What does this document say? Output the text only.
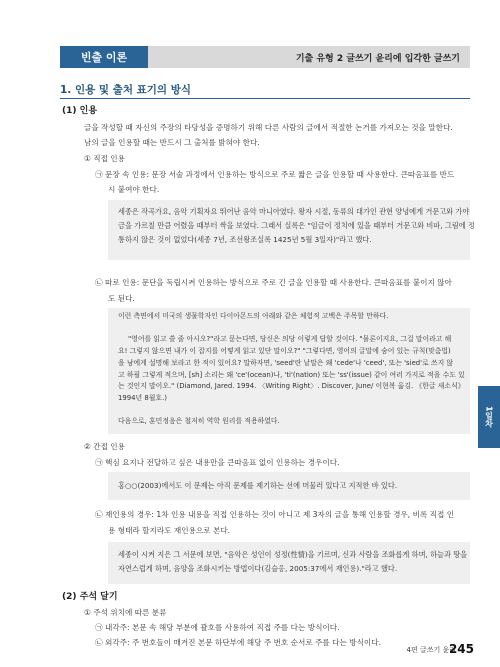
빈출 이론	기출 유형 2 글쓰기 윤리에 입각한 글쓰기
1. 인용 및 출처 표기의 방식
(1) 인용
글을 작성할 때 자신의 주장의 타당성을 증명하기 위해 다른 사람의 글에서 적절한 논거를 가져오는 것을 말한다.
남의 글을 인용할 때는 반드시 그 출처를 밝혀야 한다.
① 직접 인용
㉠ 문장 속 인용: 문장 서술 과정에서 인용하는 방식으로 주로 짧은 글을 인용할 때 사용한다. 큰따옴표를 반드
시 붙여야 한다.
세종은 작곡가요, 음악 기획자요 뛰어난 음악 마니아였다. 왕자 시절, 동류의 대가인 관현 양녕에게 거문고와 가야
금을 가르칠 만큼 어렸을 때부터 싹을 보였다. 그래서 실록은 "임금이 정치에 있을 때부터 거문고와 비파, 그림에 정
통하지 않은 것이 없었다(세종 7년, 조선왕조실록 1425년 5월 3일자)"라고 했다.
㉡ 따로 인용: 문단을 독립시켜 인용하는 방식으로 주로 긴 글을 인용할 때 사용한다. 큰따옴표를 붙이지 않아
도 된다.
이런 측면에서 미국의 생물학자인 다이아몬드의 아래와 같은 체험적 고백은 주목할 만하다.

"영어를 읽고 쓸 줄 아시오?"라고 묻는다면, 당신은 의당 이렇게 답할 것이다. "물론이지요, 그걸 말이라고 해
요! 그렇지 않으면 내가 이 잡지를 어떻게 읽고 있단 말이오?" "그렇다면, 영어의 글말에 숨어 있는 규칙(맞춤법)
을 남에게 설명해 보라고 한 적이 있어요? 말하자면, 'seed'란 낱말은 왜 'cede'나 'ceed', 또는 'sied'로 쓰지 않
고 하필 그렇게 적으며, [sh] 소리는 왜 'ce'(ocean)나, 'ti'(nation) 또는 'ss'(issue) 같이 여러 가지로 적을 수도 있
는 것인지 말이오." (Diamond, Jared. 1994. 〈Writing Right〉. Discover, June/ 이현복 옮김. 《한글 새소식》
1994년 8월호.)

다음으로, 훈민정음은 철저히 역학 원리를 적용하였다.
② 간접 인용
㉠ 핵심 요지나 전달하고 싶은 내용만을 큰따옴표 없이 인용하는 경우이다.
홍○○(2003)에서도 이 문제는 아직 문제를 제기하는 선에 머물러 있다고 지적한 바 있다.
㉡ 재인용의 경우: 1차 인용 내용을 직접 인용하는 것이 아니고 제 3자의 글을 통해 인용할 경우, 비록 직접 인
용 형태라 할지라도 재인용으로 본다.
세종이 시켜 지은 그 서문에 보면, "음악은 성인이 성정(性情)을 기르며, 신과 사람을 조화롭게 하며, 하늘과 땅을
자연스럽게 하며, 음양을 조화시키는 방법이다(김슬옹, 2005:37에서 재인용)."라고 했다.
(2) 주석 달기
① 주석 위치에 따른 분류
㉠ 내각주: 본문 속 해당 부분에 괄호를 사용하여 직접 주를 다는 방식이다.
㉡ 외각주: 주 번호들이 매겨진 본문 하단부에 해당 주 번호 순서로 주를 다는 방식이다.
1일차
4편 글쓰기 윤리
245
